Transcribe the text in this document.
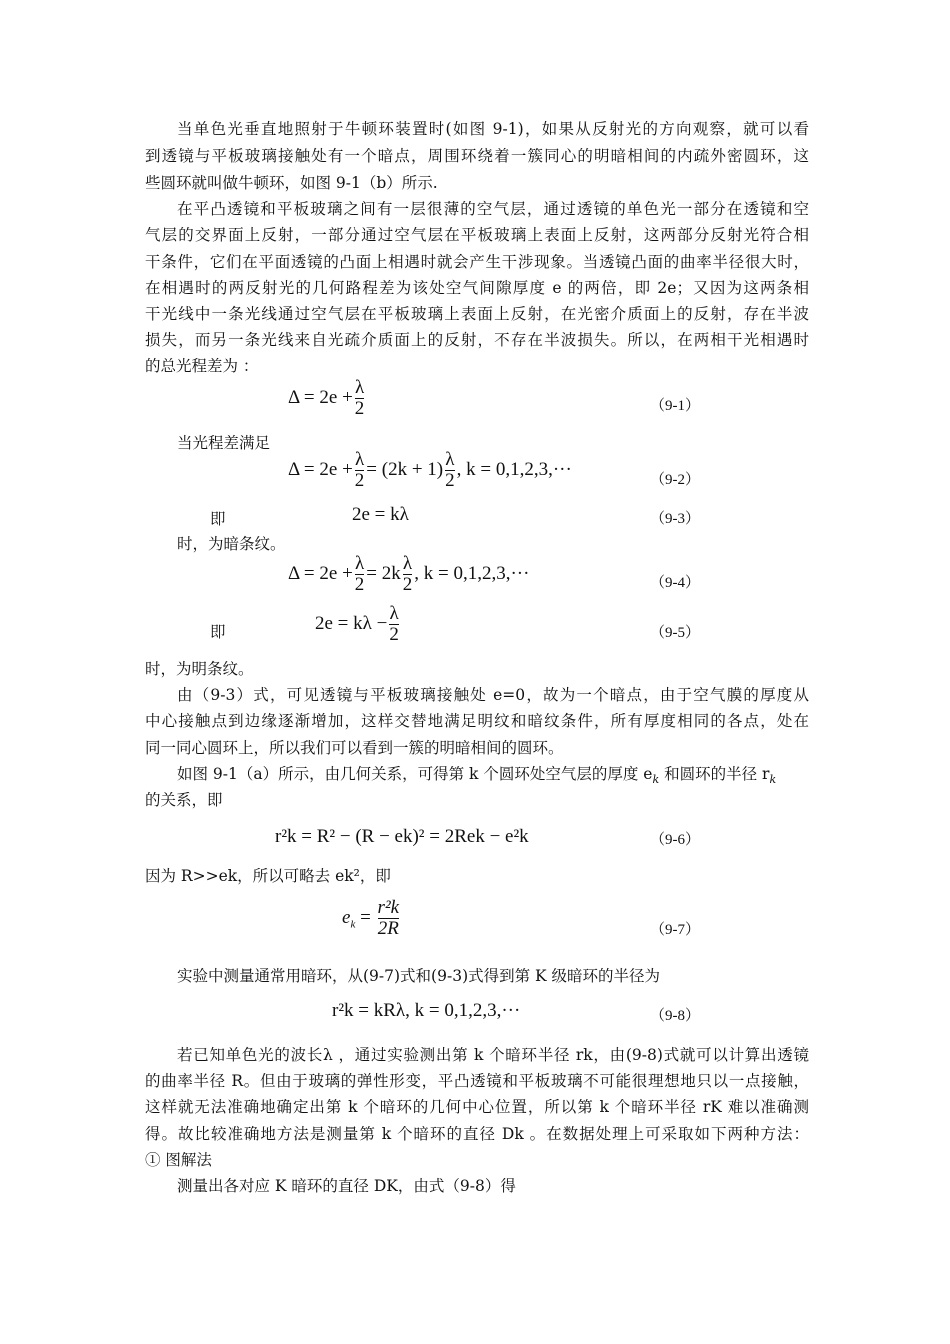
当单色光垂直地照射于牛顿环装置时(如图 9-1)，如果从反射光的方向观察，就可以看
到透镜与平板玻璃接触处有一个暗点，周围环绕着一簇同心的明暗相间的内疏外密圆环，这
些圆环就叫做牛顿环，如图 9-1（b）所示.
在平凸透镜和平板玻璃之间有一层很薄的空气层，通过透镜的单色光一部分在透镜和空
气层的交界面上反射，一部分通过空气层在平板玻璃上表面上反射，这两部分反射光符合相
干条件，它们在平面透镜的凸面上相遇时就会产生干涉现象。当透镜凸面的曲率半径很大时，
在相遇时的两反射光的几何路程差为该处空气间隙厚度 e 的两倍，即 2e；又因为这两条相
干光线中一条光线通过空气层在平板玻璃上表面上反射，在光密介质面上的反射，存在半波
损失，而另一条光线来自光疏介质面上的反射，不存在半波损失。所以，在两相干光相遇时
的总光程差为 ：
$\Delta = 2e + \frac{\lambda}{2}$	（9-1）
当光程差满足
$\Delta = 2e + \frac{\lambda}{2} = (2k + 1) \frac{\lambda}{2}$ , k = 0,1,2,3,···
（9-2）
即	2e = kλ	（9-3）
时，为暗条纹。
$\Delta = 2e + \frac{\lambda}{2} = 2k \frac{\lambda}{2}$ , k = 0,1,2,3,···	（9-4）
即	$2e = k\lambda - \frac{\lambda}{2}$	（9-5）
时，为明条纹。
由（9-3）式，可见透镜与平板玻璃接触处 e=0，故为一个暗点，由于空气膜的厚度从
中心接触点到边缘逐渐增加，这样交替地满足明纹和暗纹条件，所有厚度相同的各点，处在
同一同心圆环上，所以我们可以看到一簇的明暗相间的圆环。
如图 9-1（a）所示，由几何关系，可得第 k 个圆环处空气层的厚度 $e_k$ 和圆环的半径 $r_k$
的关系，即
r²k = R² − (R − ek)² = 2Rek − e²k	（9-6）
因为 R>>ek，所以可略去 ek²，即
$e_k = \frac{\text{r²k}}{2R}$	（9-7）
实验中测量通常用暗环，从(9-7)式和(9-3)式得到第 K 级暗环的半径为
r²k = kRλ, k = 0,1,2,3,···	（9-8）
若已知单色光的波长λ ，通过实验测出第 k 个暗环半径 rk，由(9-8)式就可以计算出透镜
的曲率半径 R。但由于玻璃的弹性形变，平凸透镜和平板玻璃不可能很理想地只以一点接触，
这样就无法准确地确定出第 k 个暗环的几何中心位置，所以第 k 个暗环半径 rK 难以准确测
得。故比较准确地方法是测量第 k 个暗环的直径 Dk 。在数据处理上可采取如下两种方法：
① 图解法
测量出各对应 K 暗环的直径 DK，由式（9-8）得
